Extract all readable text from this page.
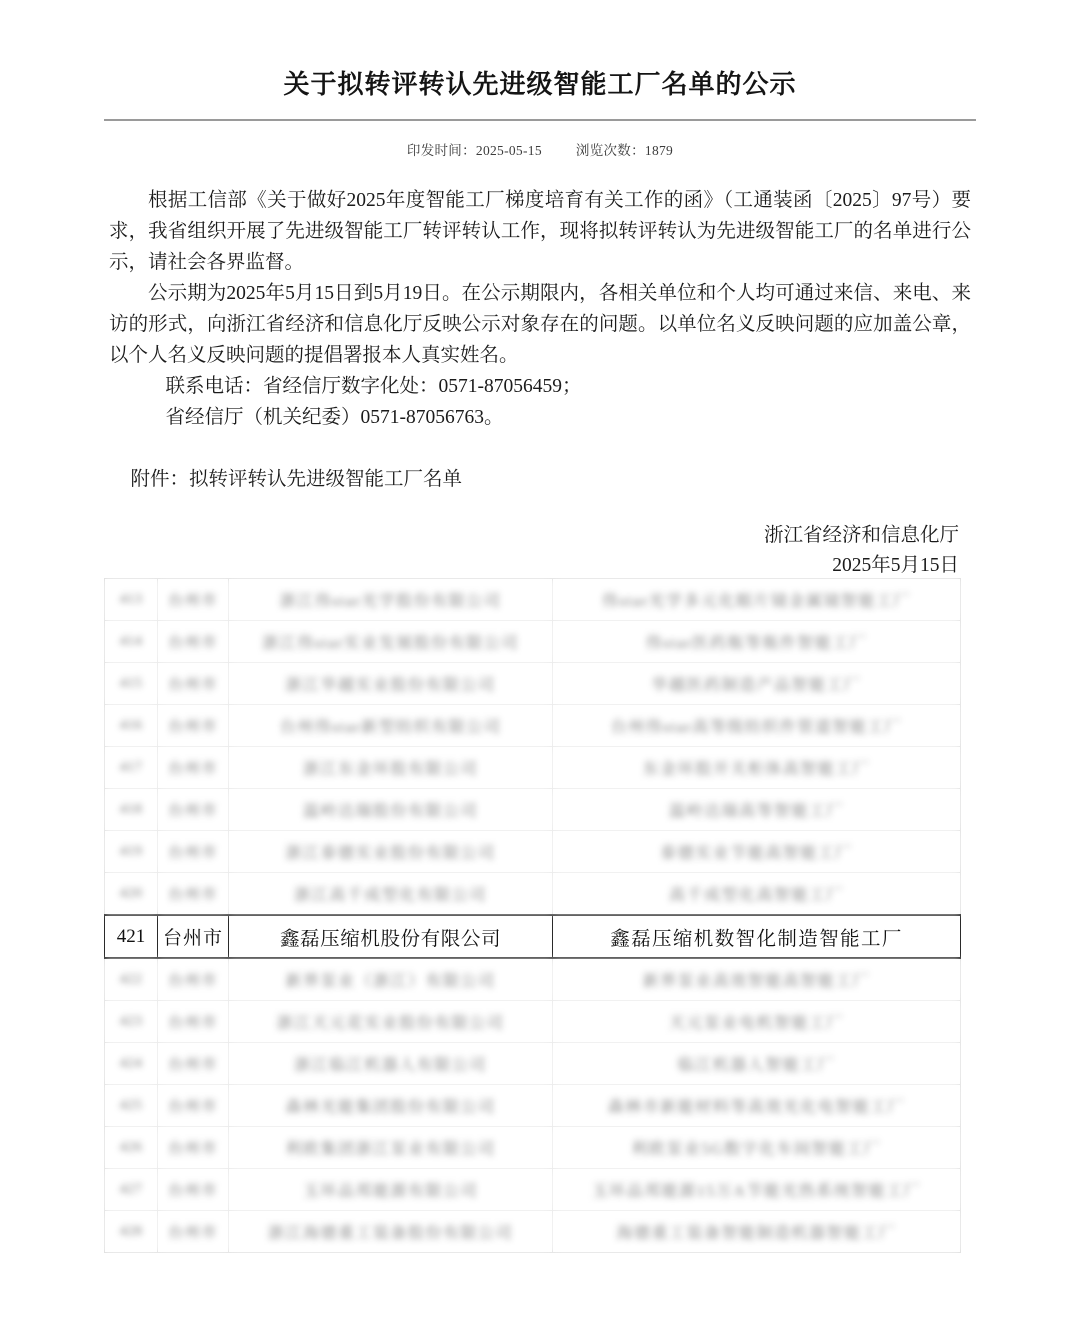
关于拟转评转认先进级智能工厂名单的公示
印发时间：2025-05-15	浏览次数：1879

根据工信部《关于做好2025年度智能工厂梯度培育有关工作的函》（工通装函〔2025〕97号）要求，我省组织开展了先进级智能工厂转评转认工作，现将拟转评转认为先进级智能工厂的名单进行公示，请社会各界监督。

公示期为2025年5月15日到5月19日。在公示期限内，各相关单位和个人均可通过来信、来电、来访的形式，向浙江省经济和信息化厅反映公示对象存在的问题。以单位名义反映问题的应加盖公章，以个人名义反映问题的提倡署报本人真实姓名。

联系电话：省经信厅数字化处：0571-87056459；

省经信厅（机关纪委）0571-87056763。

附件：拟转评转认先进级智能工厂名单

浙江省经济和信息化厅
2025年5月15日
413	台州市	浙江伟star光学股份有限公司	伟star光学多元化眼片镜金属镜智能工厂
414	台州市	浙江伟star实业发展股份有限公司	伟star医药瓶等瓶件智能工厂
415	台州市	浙江华越实业股份有限公司	华越医药制造产品智能工厂
416	台州市	台州伟star新型纺织有限公司	台州伟star高等级纺织件管道智能工厂
417	台州市	浙江东金环股有限公司	东金环股开关柜体高智能工厂
418	台州市	温岭达瑞股份有限公司	温岭达瑞高等智能工厂
419	台州市	浙江泰德实业股份有限公司	泰德实业节能高智能工厂
420	台州市	浙江高千成型化有限公司	高千成型化高智能工厂
421	台州市	鑫磊压缩机股份有限公司	鑫磊压缩机数智化制造智能工厂
422	台州市	新界泵业（浙江）有限公司	新界泵业高效智能高智能工厂
423	台州市	浙江天元花实业股份有限公司	天元泵业电机智能工厂
424	台州市	浙江临江机器人有限公司	临江机器人智能工厂
425	台州市	森林光能集团股份有限公司	森林市新能材料等高效光化电智能工厂
426	台州市	利欧集团浙江泵业有限公司	利欧泵业5G数字化车间智能工厂
427	台州市	玉环品邦能源有限公司	玉环品邦能源15万A节能光热系统智能工厂
428	台州市	浙江海德重工装备股份有限公司	海德重工装备智能制造机器智能工厂
